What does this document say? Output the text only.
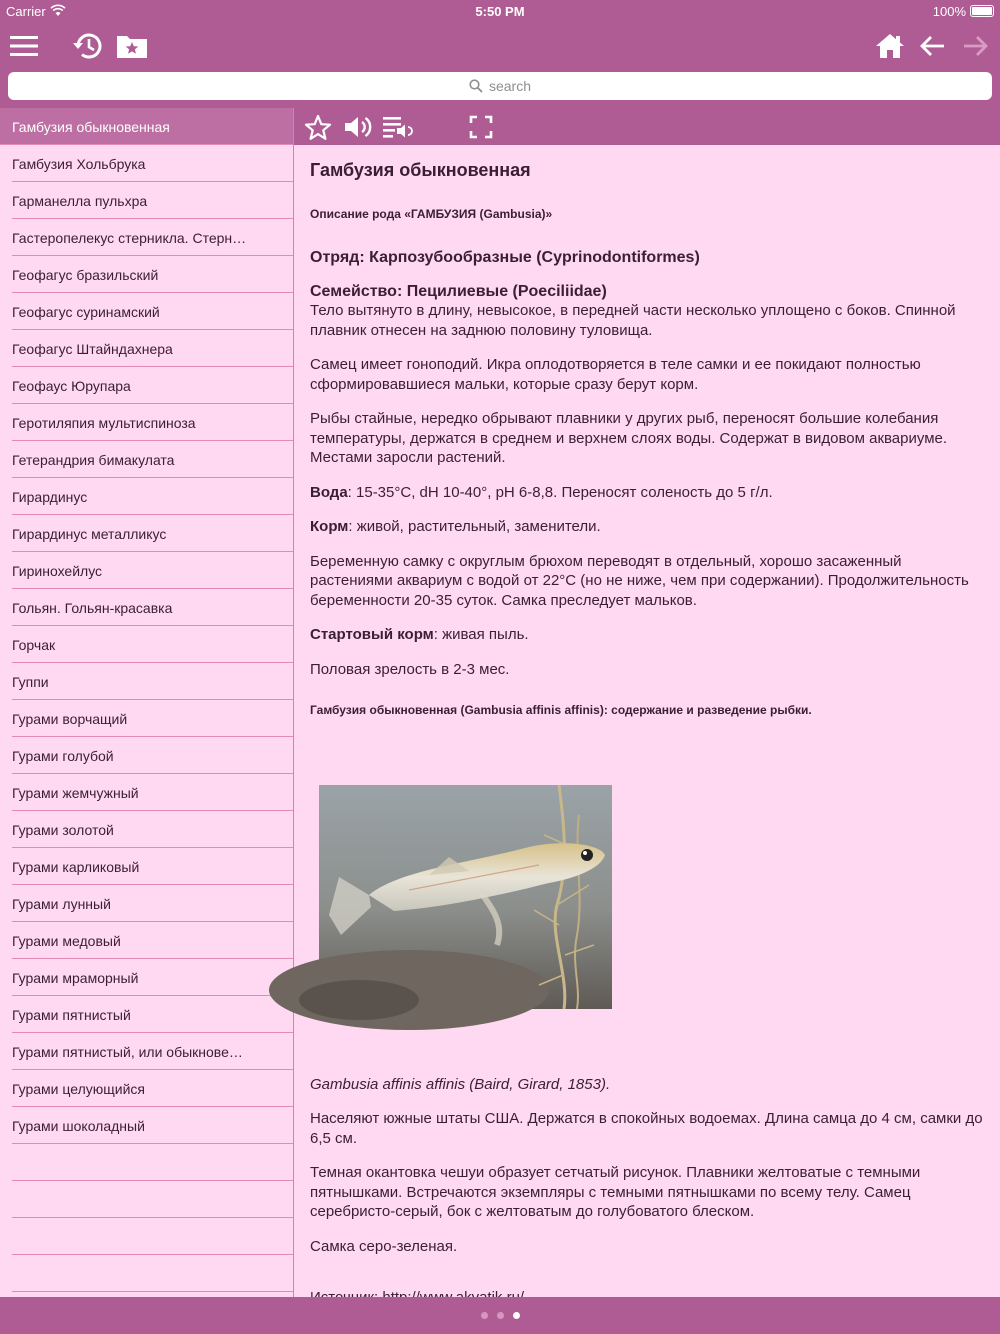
Carrier	5:50 PM	100%
search
Гамбузия обыкновенная
Гамбузия Хольбрука
Гарманелла пульхра
Гастеропелекус стерникла. Стерн…
Геофагус бразильский
Геофагус суринамский
Геофагус Штайндахнера
Геофаус Юрупара
Геротиляпия мультиспиноза
Гетерандрия бимакулата
Гирардинус
Гирардинус металликус
Гиринохейлус
Гольян. Гольян-красавка
Горчак
Гуппи
Гурами ворчащий
Гурами голубой
Гурами жемчужный
Гурами золотой
Гурами карликовый
Гурами лунный
Гурами медовый
Гурами мраморный
Гурами пятнистый
Гурами пятнистый, или обыкнове…
Гурами целующийся
Гурами шоколадный
Гамбузия обыкновенная
Описание рода «ГАМБУЗИЯ (Gambusia)»
Отряд: Карпозубообразные (Cyprinodontiformes)
Семейство: Пецилиевые (Poeciliidae)
Тело вытянуто в длину, невысокое, в передней части несколько уплощено с боков. Спинной плавник отнесен на заднюю половину туловища.

Самец имеет гоноподий. Икра оплодотворяется в теле самки и ее покидают полностью сформировавшиеся мальки, которые сразу берут корм.

Рыбы стайные, нередко обрывают плавники у других рыб, переносят большие колебания температуры, держатся в среднем и верхнем слоях воды. Содержат в видовом аквариуме. Местами заросли растений.

Вода: 15-35°C, dH 10-40°, pH 6-8,8. Переносят соленость до 5 г/л.

Корм: живой, растительный, заменители.

Беременную самку с округлым брюхом переводят в отдельный, хорошо засаженный растениями аквариум с водой от 22°C (но не ниже, чем при содержании). Продолжительность беременности 20-35 суток. Самка преследует мальков.

Стартовый корм: живая пыль.

Половая зрелость в 2-3 мес.

Гамбузия обыкновенная (Gambusia affinis affinis): содержание и разведение рыбки.

Gambusia affinis affinis (Baird, Girard, 1853).

Населяют южные штаты США. Держатся в спокойных водоемах. Длина самца до 4 см, самки до 6,5 см.

Темная окантовка чешуи образует сетчатый рисунок. Плавники желтоватые с темными пятнышками. Встречаются экземпляры с темными пятнышками по всему телу. Самец серебристо-серый, бок с желтоватым до голубоватого блеском.

Самка серо-зеленая.
